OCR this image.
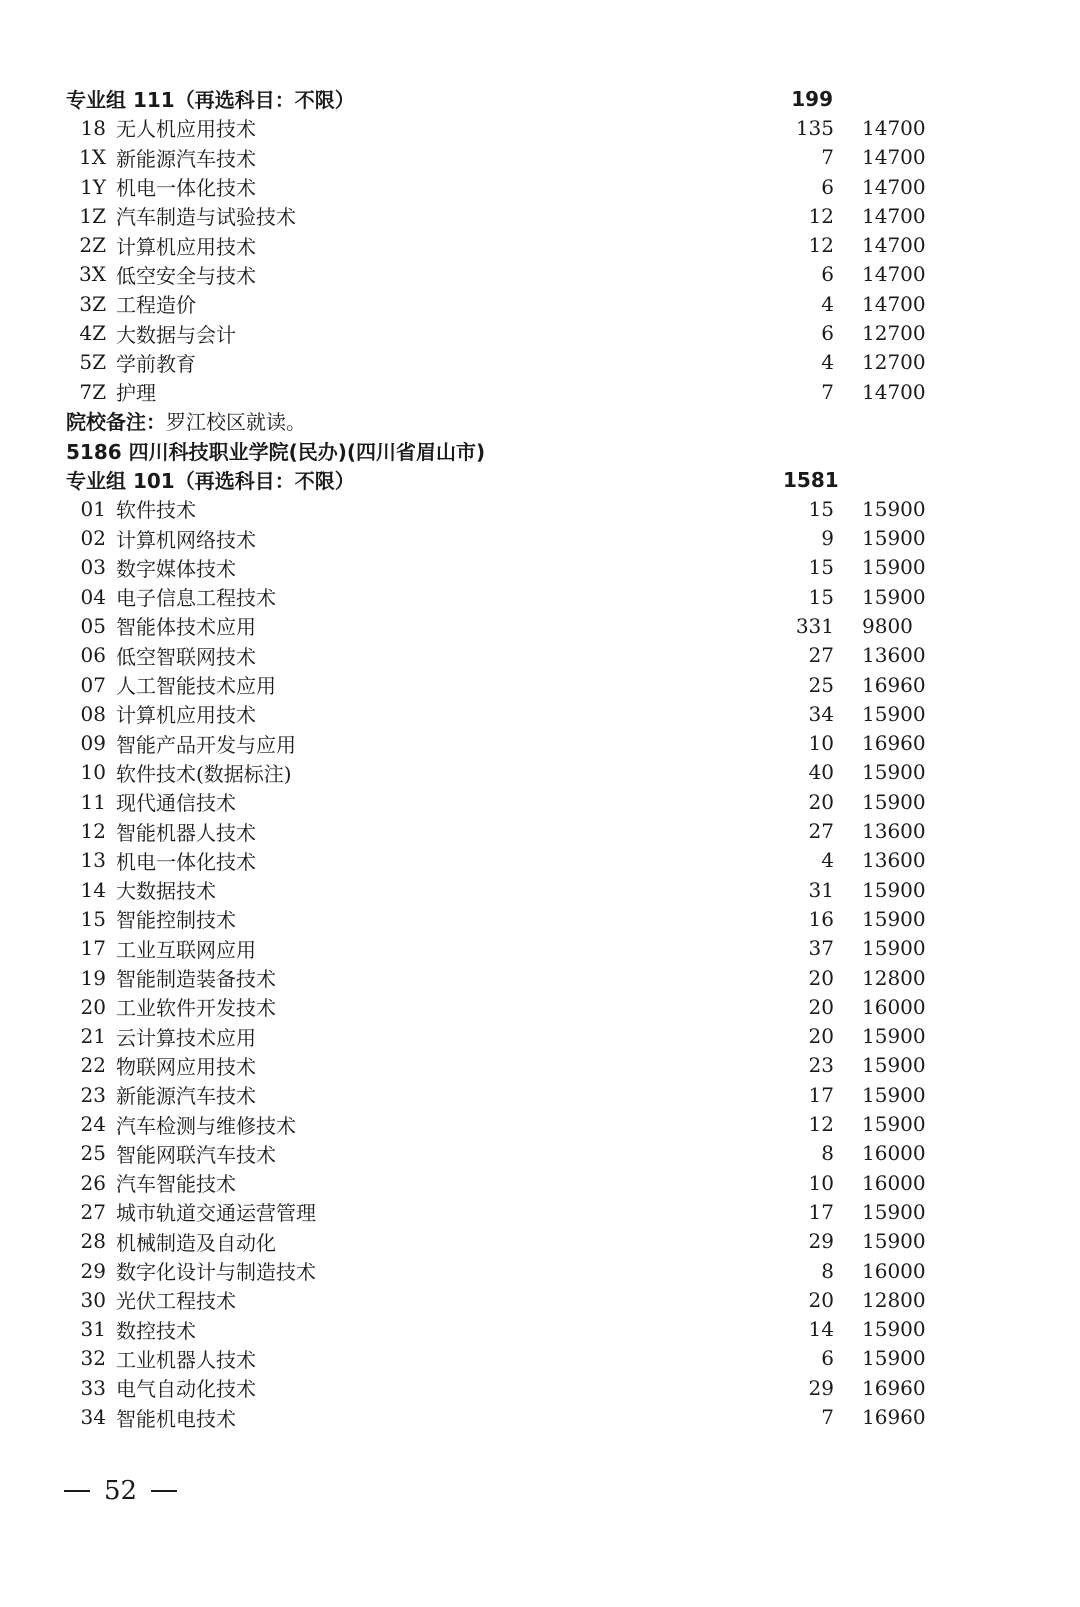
专业组 111（再选科目：不限）	199
18 无人机应用技术	135 14700
1X 新能源汽车技术	7 14700
1Y 机电一体化技术	6 14700
1Z 汽车制造与试验技术	12 14700
2Z 计算机应用技术	12 14700
3X 低空安全与技术	6 14700
3Z 工程造价	4 14700
4Z 大数据与会计	6 12700
5Z 学前教育	4 12700
7Z 护理	7 14700
院校备注： 罗江校区就读。
5186 四川科技职业学院(民办)(四川省眉山市)
专业组 101（再选科目：不限）	1581
01 软件技术	15 15900
02 计算机网络技术	9 15900
03 数字媒体技术	15 15900
04 电子信息工程技术	15 15900
05 智能体技术应用	331 9800
06 低空智联网技术	27 13600
07 人工智能技术应用	25 16960
08 计算机应用技术	34 15900
09 智能产品开发与应用	10 16960
10 软件技术(数据标注)	40 15900
11 现代通信技术	20 15900
12 智能机器人技术	27 13600
13 机电一体化技术	4 13600
14 大数据技术	31 15900
15 智能控制技术	16 15900
17 工业互联网应用	37 15900
19 智能制造装备技术	20 12800
20 工业软件开发技术	20 16000
21 云计算技术应用	20 15900
22 物联网应用技术	23 15900
23 新能源汽车技术	17 15900
24 汽车检测与维修技术	12 15900
25 智能网联汽车技术	8 16000
26 汽车智能技术	10 16000
27 城市轨道交通运营管理	17 15900
28 机械制造及自动化	29 15900
29 数字化设计与制造技术	8 16000
30 光伏工程技术	20 12800
31 数控技术	14 15900
32 工业机器人技术	6 15900
33 电气自动化技术	29 16960
34 智能机电技术	7 16960
52
